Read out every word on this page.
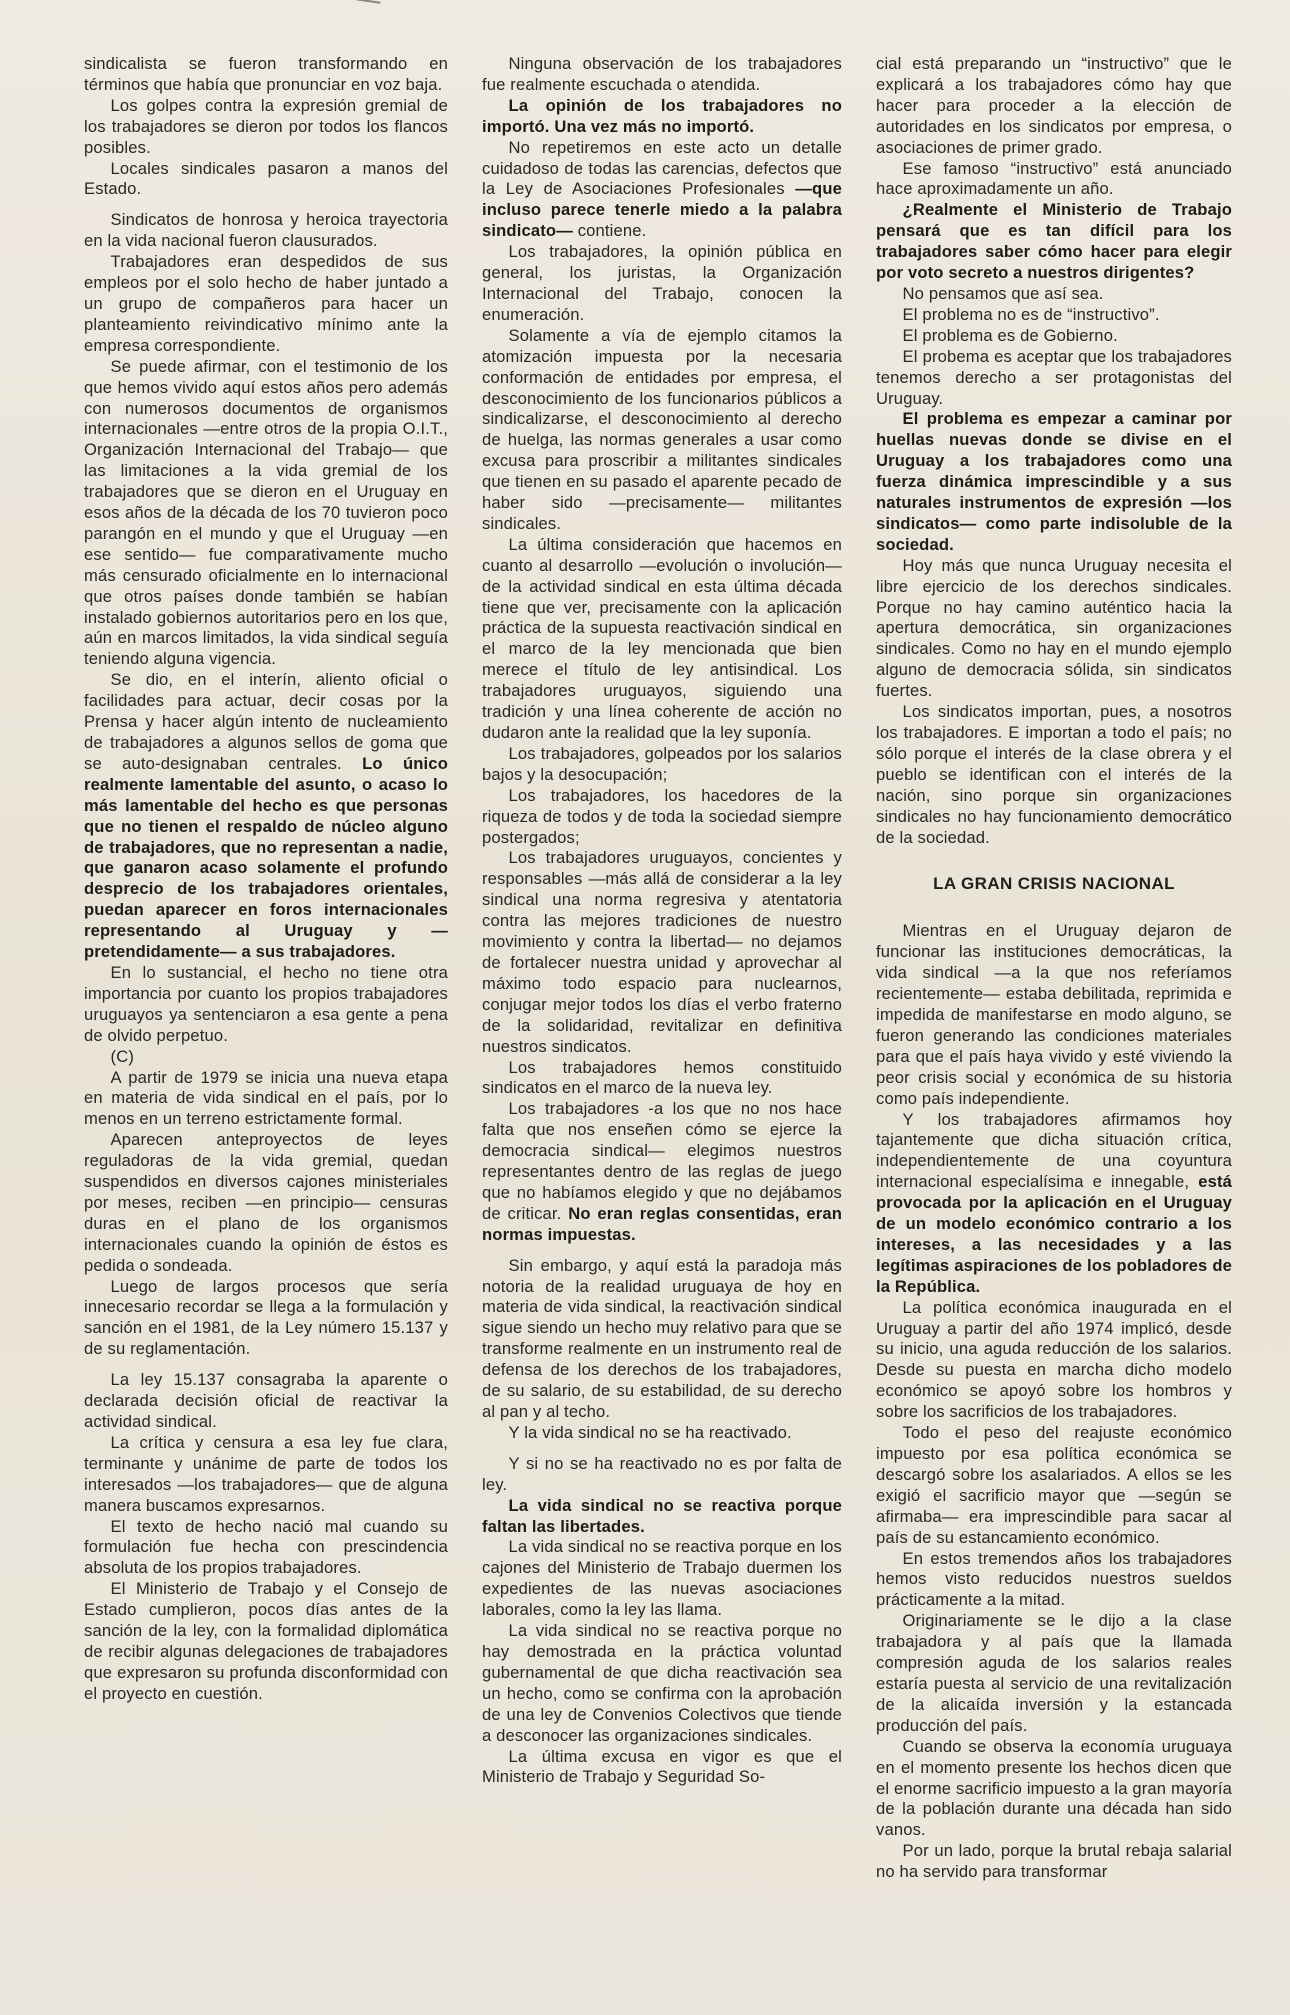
sindicalista se fueron transformando en términos que había que pronunciar en voz baja.

Los golpes contra la expresión gremial de los trabajadores se dieron por todos los flancos posibles.

Locales sindicales pasaron a manos del Estado.

Sindicatos de honrosa y heroica trayectoria en la vida nacional fueron clausurados.

Trabajadores eran despedidos de sus empleos por el solo hecho de haber juntado a un grupo de compañeros para hacer un planteamiento reivindicativo mínimo ante la empresa correspondiente.

Se puede afirmar, con el testimonio de los que hemos vivido aquí estos años pero además con numerosos documentos de organismos internacionales —entre otros de la propia O.I.T., Organización Internacional del Trabajo— que las limitaciones a la vida gremial de los trabajadores que se dieron en el Uruguay en esos años de la década de los 70 tuvieron poco parangón en el mundo y que el Uruguay —en ese sentido— fue comparativamente mucho más censurado oficialmente en lo internacional que otros países donde también se habían instalado gobiernos autoritarios pero en los que, aún en marcos limitados, la vida sindical seguía teniendo alguna vigencia.

Se dio, en el interín, aliento oficial o facilidades para actuar, decir cosas por la Prensa y hacer algún intento de nucleamiento de trabajadores a algunos sellos de goma que se auto-designaban centrales. Lo único realmente lamentable del asunto, o acaso lo más lamentable del hecho es que personas que no tienen el respaldo de núcleo alguno de trabajadores, que no representan a nadie, que ganaron acaso solamente el profundo desprecio de los trabajadores orientales, puedan aparecer en foros internacionales representando al Uruguay y —pretendidamente— a sus trabajadores.

En lo sustancial, el hecho no tiene otra importancia por cuanto los propios trabajadores uruguayos ya sentenciaron a esa gente a pena de olvido perpetuo.

(C)

A partir de 1979 se inicia una nueva etapa en materia de vida sindical en el país, por lo menos en un terreno estrictamente formal.

Aparecen anteproyectos de leyes reguladoras de la vida gremial, quedan suspendidos en diversos cajones ministeriales por meses, reciben —en principio— censuras duras en el plano de los organismos internacionales cuando la opinión de éstos es pedida o sondeada.

Luego de largos procesos que sería innecesario recordar se llega a la formulación y sanción en el 1981, de la Ley número 15.137 y de su reglamentación.

La ley 15.137 consagraba la aparente o declarada decisión oficial de reactivar la actividad sindical.

La crítica y censura a esa ley fue clara, terminante y unánime de parte de todos los interesados —los trabajadores— que de alguna manera buscamos expresarnos.

El texto de hecho nació mal cuando su formulación fue hecha con prescindencia absoluta de los propios trabajadores.

El Ministerio de Trabajo y el Consejo de Estado cumplieron, pocos días antes de la sanción de la ley, con la formalidad diplomática de recibir algunas delegaciones de trabajadores que expresaron su profunda disconformidad con el proyecto en cuestión.

Ninguna observación de los trabajadores fue realmente escuchada o atendida.

La opinión de los trabajadores no importó. Una vez más no importó.

No repetiremos en este acto un detalle cuidadoso de todas las carencias, defectos que la Ley de Asociaciones Profesionales —que incluso parece tenerle miedo a la palabra sindicato— contiene.

Los trabajadores, la opinión pública en general, los juristas, la Organización Internacional del Trabajo, conocen la enumeración.

Solamente a vía de ejemplo citamos la atomización impuesta por la necesaria conformación de entidades por empresa, el desconocimiento de los funcionarios públicos a sindicalizarse, el desconocimiento al derecho de huelga, las normas generales a usar como excusa para proscribir a militantes sindicales que tienen en su pasado el aparente pecado de haber sido —precisamente— militantes sindicales.

La última consideración que hacemos en cuanto al desarrollo —evolución o involución— de la actividad sindical en esta última década tiene que ver, precisamente con la aplicación práctica de la supuesta reactivación sindical en el marco de la ley mencionada que bien merece el título de ley antisindical. Los trabajadores uruguayos, siguiendo una tradición y una línea coherente de acción no dudaron ante la realidad que la ley suponía.

Los trabajadores, golpeados por los salarios bajos y la desocupación;

Los trabajadores, los hacedores de la riqueza de todos y de toda la sociedad siempre postergados;

Los trabajadores uruguayos, concientes y responsables —más allá de considerar a la ley sindical una norma regresiva y atentatoria contra las mejores tradiciones de nuestro movimiento y contra la libertad— no dejamos de fortalecer nuestra unidad y aprovechar al máximo todo espacio para nuclearnos, conjugar mejor todos los días el verbo fraterno de la solidaridad, revitalizar en definitiva nuestros sindicatos.

Los trabajadores hemos constituido sindicatos en el marco de la nueva ley.

Los trabajadores -a los que no nos hace falta que nos enseñen cómo se ejerce la democracia sindical— elegimos nuestros representantes dentro de las reglas de juego que no habíamos elegido y que no dejábamos de criticar. No eran reglas consentidas, eran normas impuestas.

Sin embargo, y aquí está la paradoja más notoria de la realidad uruguaya de hoy en materia de vida sindical, la reactivación sindical sigue siendo un hecho muy relativo para que se transforme realmente en un instrumento real de defensa de los derechos de los trabajadores, de su salario, de su estabilidad, de su derecho al pan y al techo.

Y la vida sindical no se ha reactivado.

Y si no se ha reactivado no es por falta de ley.

La vida sindical no se reactiva porque faltan las libertades.

La vida sindical no se reactiva porque en los cajones del Ministerio de Trabajo duermen los expedientes de las nuevas asociaciones laborales, como la ley las llama.

La vida sindical no se reactiva porque no hay demostrada en la práctica voluntad gubernamental de que dicha reactivación sea un hecho, como se confirma con la aprobación de una ley de Convenios Colectivos que tiende a desconocer las organizaciones sindicales.

La última excusa en vigor es que el Ministerio de Trabajo y Seguridad So-

cial está preparando un “instructivo” que le explicará a los trabajadores cómo hay que hacer para proceder a la elección de autoridades en los sindicatos por empresa, o asociaciones de primer grado.

Ese famoso “instructivo” está anunciado hace aproximadamente un año.

¿Realmente el Ministerio de Trabajo pensará que es tan difícil para los trabajadores saber cómo hacer para elegir por voto secreto a nuestros dirigentes?

No pensamos que así sea.

El problema no es de “instructivo”.

El problema es de Gobierno.

El probema es aceptar que los trabajadores tenemos derecho a ser protagonistas del Uruguay.

El problema es empezar a caminar por huellas nuevas donde se divise en el Uruguay a los trabajadores como una fuerza dinámica imprescindible y a sus naturales instrumentos de expresión —los sindicatos— como parte indisoluble de la sociedad.

Hoy más que nunca Uruguay necesita el libre ejercicio de los derechos sindicales. Porque no hay camino auténtico hacia la apertura democrática, sin organizaciones sindicales. Como no hay en el mundo ejemplo alguno de democracia sólida, sin sindicatos fuertes.

Los sindicatos importan, pues, a nosotros los trabajadores. E importan a todo el país; no sólo porque el interés de la clase obrera y el pueblo se identifican con el interés de la nación, sino porque sin organizaciones sindicales no hay funcionamiento democrático de la sociedad.

LA GRAN CRISIS NACIONAL

Mientras en el Uruguay dejaron de funcionar las instituciones democráticas, la vida sindical —a la que nos referíamos recientemente— estaba debilitada, reprimida e impedida de manifestarse en modo alguno, se fueron generando las condiciones materiales para que el país haya vivido y esté viviendo la peor crisis social y económica de su historia como país independiente.

Y los trabajadores afirmamos hoy tajantemente que dicha situación crítica, independientemente de una coyuntura internacional especialísima e innegable, está provocada por la aplicación en el Uruguay de un modelo económico contrario a los intereses, a las necesidades y a las legítimas aspiraciones de los pobladores de la República.

La política económica inaugurada en el Uruguay a partir del año 1974 implicó, desde su inicio, una aguda reducción de los salarios. Desde su puesta en marcha dicho modelo económico se apoyó sobre los hombros y sobre los sacrificios de los trabajadores.

Todo el peso del reajuste económico impuesto por esa política económica se descargó sobre los asalariados. A ellos se les exigió el sacrificio mayor que —según se afirmaba— era imprescindible para sacar al país de su estancamiento económico.

En estos tremendos años los trabajadores hemos visto reducidos nuestros sueldos prácticamente a la mitad.

Originariamente se le dijo a la clase trabajadora y al país que la llamada compresión aguda de los salarios reales estaría puesta al servicio de una revitalización de la alicaída inversión y la estancada producción del país.

Cuando se observa la economía uruguaya en el momento presente los hechos dicen que el enorme sacrificio impuesto a la gran mayoría de la población durante una década han sido vanos.

Por un lado, porque la brutal rebaja salarial no ha servido para transformar
